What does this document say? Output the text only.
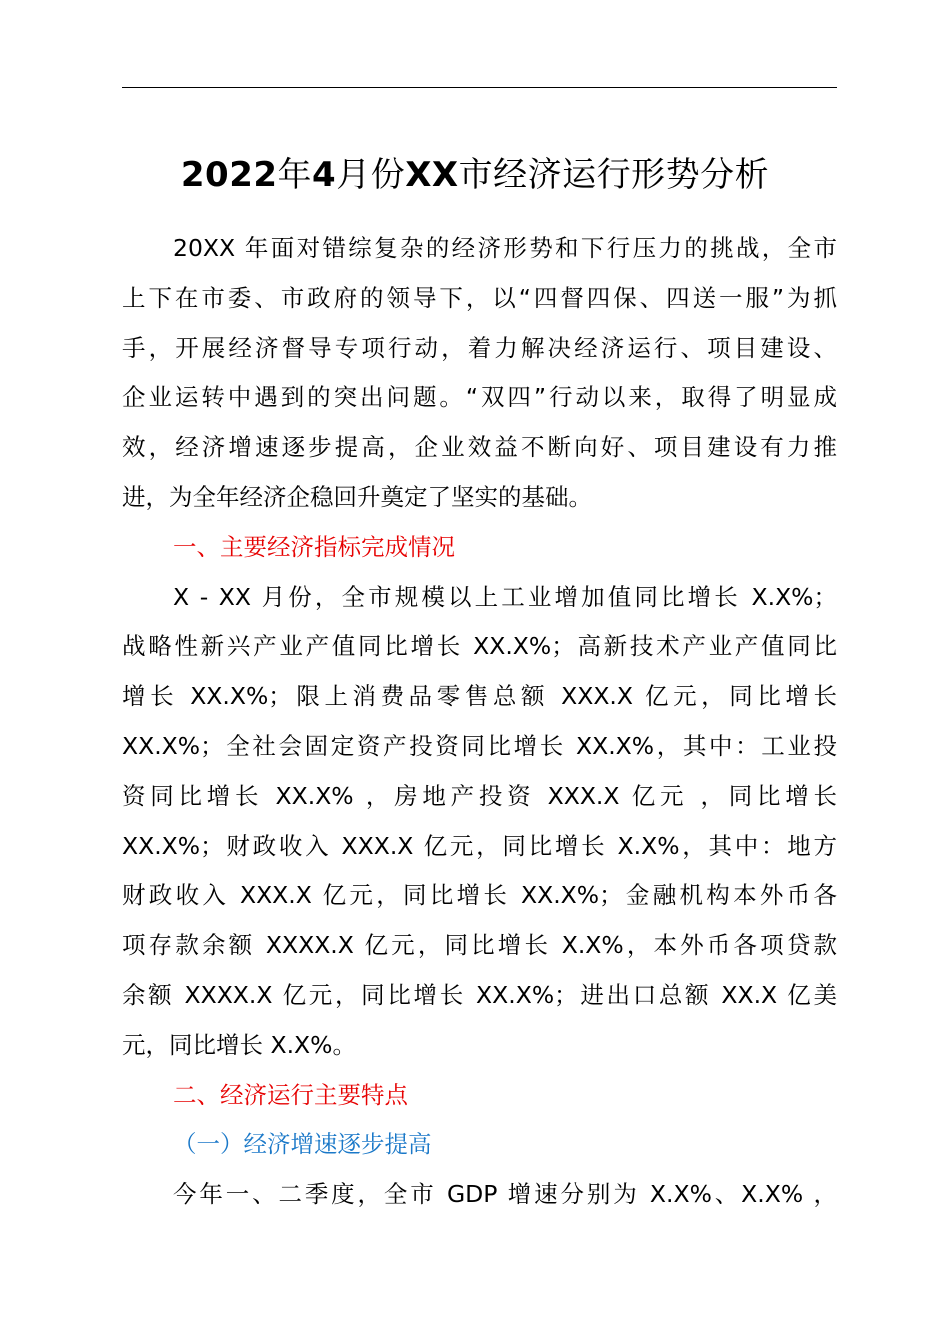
2022年4月份XX市经济运行形势分析
20XX 年面对错综复杂的经济形势和下行压力的挑战，全市
上下在市委、市政府的领导下，以“四督四保、四送一服”为抓
手，开展经济督导专项行动，着力解决经济运行、项目建设、
企业运转中遇到的突出问题。“双四”行动以来，取得了明显成
效，经济增速逐步提高，企业效益不断向好、项目建设有力推
进，为全年经济企稳回升奠定了坚实的基础。
一、主要经济指标完成情况
X - XX 月份，全市规模以上工业增加值同比增长 X.X%；
战略性新兴产业产值同比增长 XX.X%；高新技术产业产值同比
增长 XX.X%；限上消费品零售总额 XXX.X 亿元，同比增长
XX.X%；全社会固定资产投资同比增长 XX.X%，其中：工业投
资同比增长 XX.X% ，房地产投资 XXX.X 亿元 ，同比增长
XX.X%；财政收入 XXX.X 亿元，同比增长 X.X%，其中：地方
财政收入 XXX.X 亿元，同比增长 XX.X%；金融机构本外币各
项存款余额 XXXX.X 亿元，同比增长 X.X%，本外币各项贷款
余额 XXXX.X 亿元，同比增长 XX.X%；进出口总额 XX.X 亿美
元，同比增长 X.X%。
二、经济运行主要特点
（一）经济增速逐步提高
今年一、二季度，全市 GDP 增速分别为 X.X%、X.X% ，
